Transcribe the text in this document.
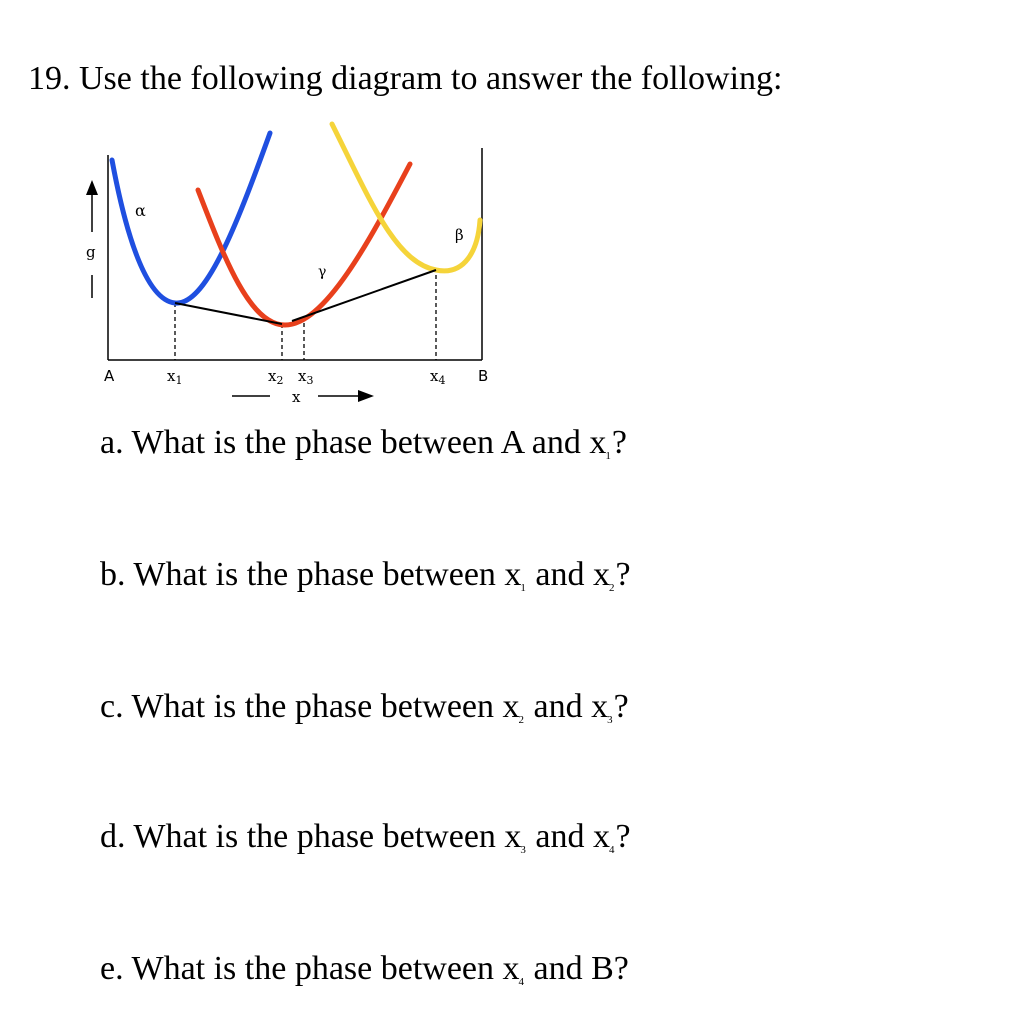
19. Use the following diagram to answer the following:
g
α
γ
β
A	B
$x_1$	$x_2$ $x_3$	$x_4$
x
a. What is the phase between A and $x_1$?
b. What is the phase between $x_1$ and $x_2$?
c. What is the phase between $x_2$ and $x_3$?
d. What is the phase between $x_3$ and $x_4$?
e. What is the phase between $x_4$ and B?
